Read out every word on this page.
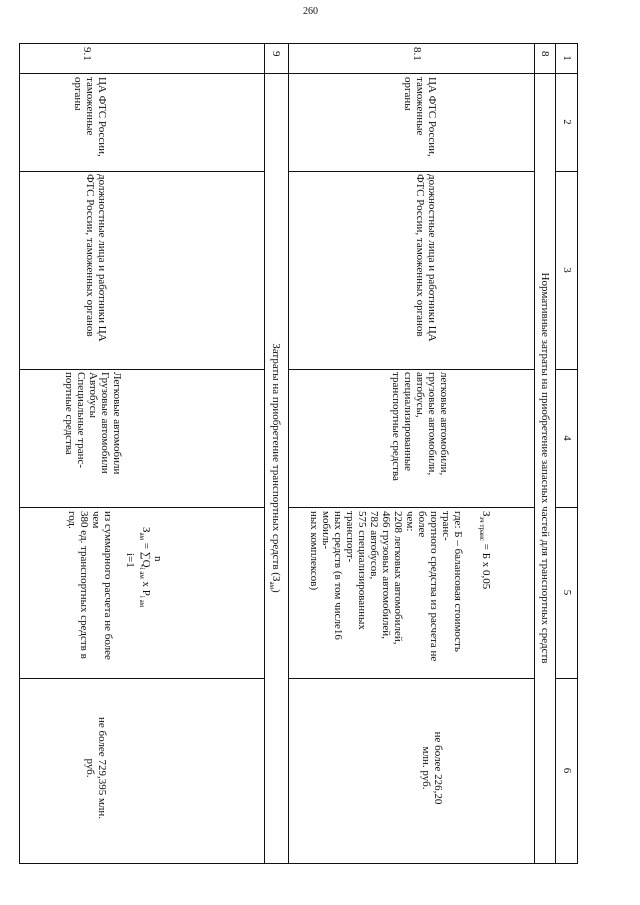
260
1
2
3
4
5
6
8
Нормативные затраты на приобретение запасных частей для транспортных средств
8.1
ЦА ФТС России, таможенные органы
должностные лица и работники ЦА ФТС России, таможенных органов
легковые автомобили, грузовые автомобили, автобусы, специализированные транспортные средства
$З_{зч транс} = Б$ х 0,05
где: Б – балансовая стоимость транс-
портного средства из расчета не более
чем:
2208 легковых автомобилей,
466 грузовых автомобилей,
782 автобусов,
575 специализированных транспорт-
ных средств (в том числе16 мобиль-
ных комплексов)
не более 226,20 млн. руб.
9
Затраты на приобретение транспортных средств $(З_{ам})$
9.1
ЦА ФТС России, таможенные органы
должностные лица и работники ЦА ФТС России, таможенных органов
Легковые автомобили
Грузовые автомобили
Автобусы
Специальные транс-
портные средства
n
$З_{ам} = \sum Q_{i ам}$ х $P_{i ам}$
i=1
из суммарного расчета не более чем
380 ед. транспортных средств в год.
не более 729,395 млн. руб.
